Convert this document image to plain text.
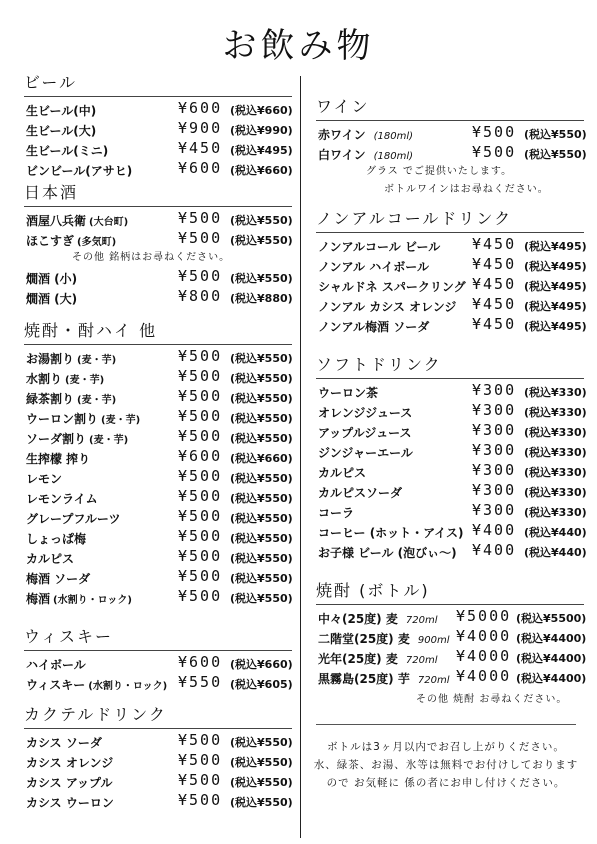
お飲み物
ビール
生ビール(中)	¥600 (税込¥660)
生ビール(大)	¥900 (税込¥990)
生ビール(ミニ)	¥450 (税込¥495)
ビンビール(アサヒ)	¥600 (税込¥660)
日本酒
酒屋八兵衛 (大台町)	¥500 (税込¥550)
ほこすぎ (多気町)	¥500 (税込¥550)
その他 銘柄はお尋ねください。
燗酒 (小)	¥500 (税込¥550)
燗酒 (大)	¥800 (税込¥880)
焼酎・酎ハイ 他
お湯割り (麦・芋)	¥500 (税込¥550)
水割り (麦・芋)	¥500 (税込¥550)
緑茶割り (麦・芋)	¥500 (税込¥550)
ウーロン割り (麦・芋)	¥500 (税込¥550)
ソーダ割り (麦・芋)	¥500 (税込¥550)
生搾檬 搾り	¥600 (税込¥660)
レモン	¥500 (税込¥550)
レモンライム	¥500 (税込¥550)
グレープフルーツ	¥500 (税込¥550)
しょっぱ梅	¥500 (税込¥550)
カルピス	¥500 (税込¥550)
梅酒 ソーダ	¥500 (税込¥550)
梅酒 (水割り・ロック)	¥500 (税込¥550)
ウィスキー
ハイボール	¥600 (税込¥660)
ウィスキー (水割り・ロック) ¥550 (税込¥605)
カクテルドリンク
カシス ソーダ	¥500 (税込¥550)
カシス オレンジ	¥500 (税込¥550)
カシス アップル	¥500 (税込¥550)
カシス ウーロン	¥500 (税込¥550)
ワイン
赤ワイン (180ml)	¥500 (税込¥550)
白ワイン (180ml)	¥500 (税込¥550)
グラス でご提供いたします。
ボトルワインはお尋ねください。
ノンアルコールドリンク
ノンアルコール ビール ¥450 (税込¥495)
ノンアル ハイボール	¥450 (税込¥495)
シャルドネ スパークリング ¥450 (税込¥495)
ノンアル カシス オレンジ ¥450 (税込¥495)
ノンアル梅酒 ソーダ	¥450 (税込¥495)
ソフトドリンク
ウーロン茶	¥300 (税込¥330)
オレンジジュース	¥300 (税込¥330)
アップルジュース	¥300 (税込¥330)
ジンジャーエール	¥300 (税込¥330)
カルピス	¥300 (税込¥330)
カルピスソーダ	¥300 (税込¥330)
コーラ	¥300 (税込¥330)
コーヒー (ホット・アイス) ¥400 (税込¥440)
お子様 ビール (泡びぃ〜) ¥400 (税込¥440)
焼酎 (ボトル)
中々(25度) 麦 720ml ¥5000 (税込¥5500)
二階堂(25度) 麦 900ml ¥4000 (税込¥4400)
光年(25度) 麦 720ml ¥4000 (税込¥4400)
黒霧島(25度) 芋 720ml ¥4000 (税込¥4400)
その他 焼酎 お尋ねください。
ボトルは3ヶ月以内でお召し上がりください。
水、緑茶、お湯、氷等は無料でお付けしております
ので お気軽に 係の者にお申し付けください。
